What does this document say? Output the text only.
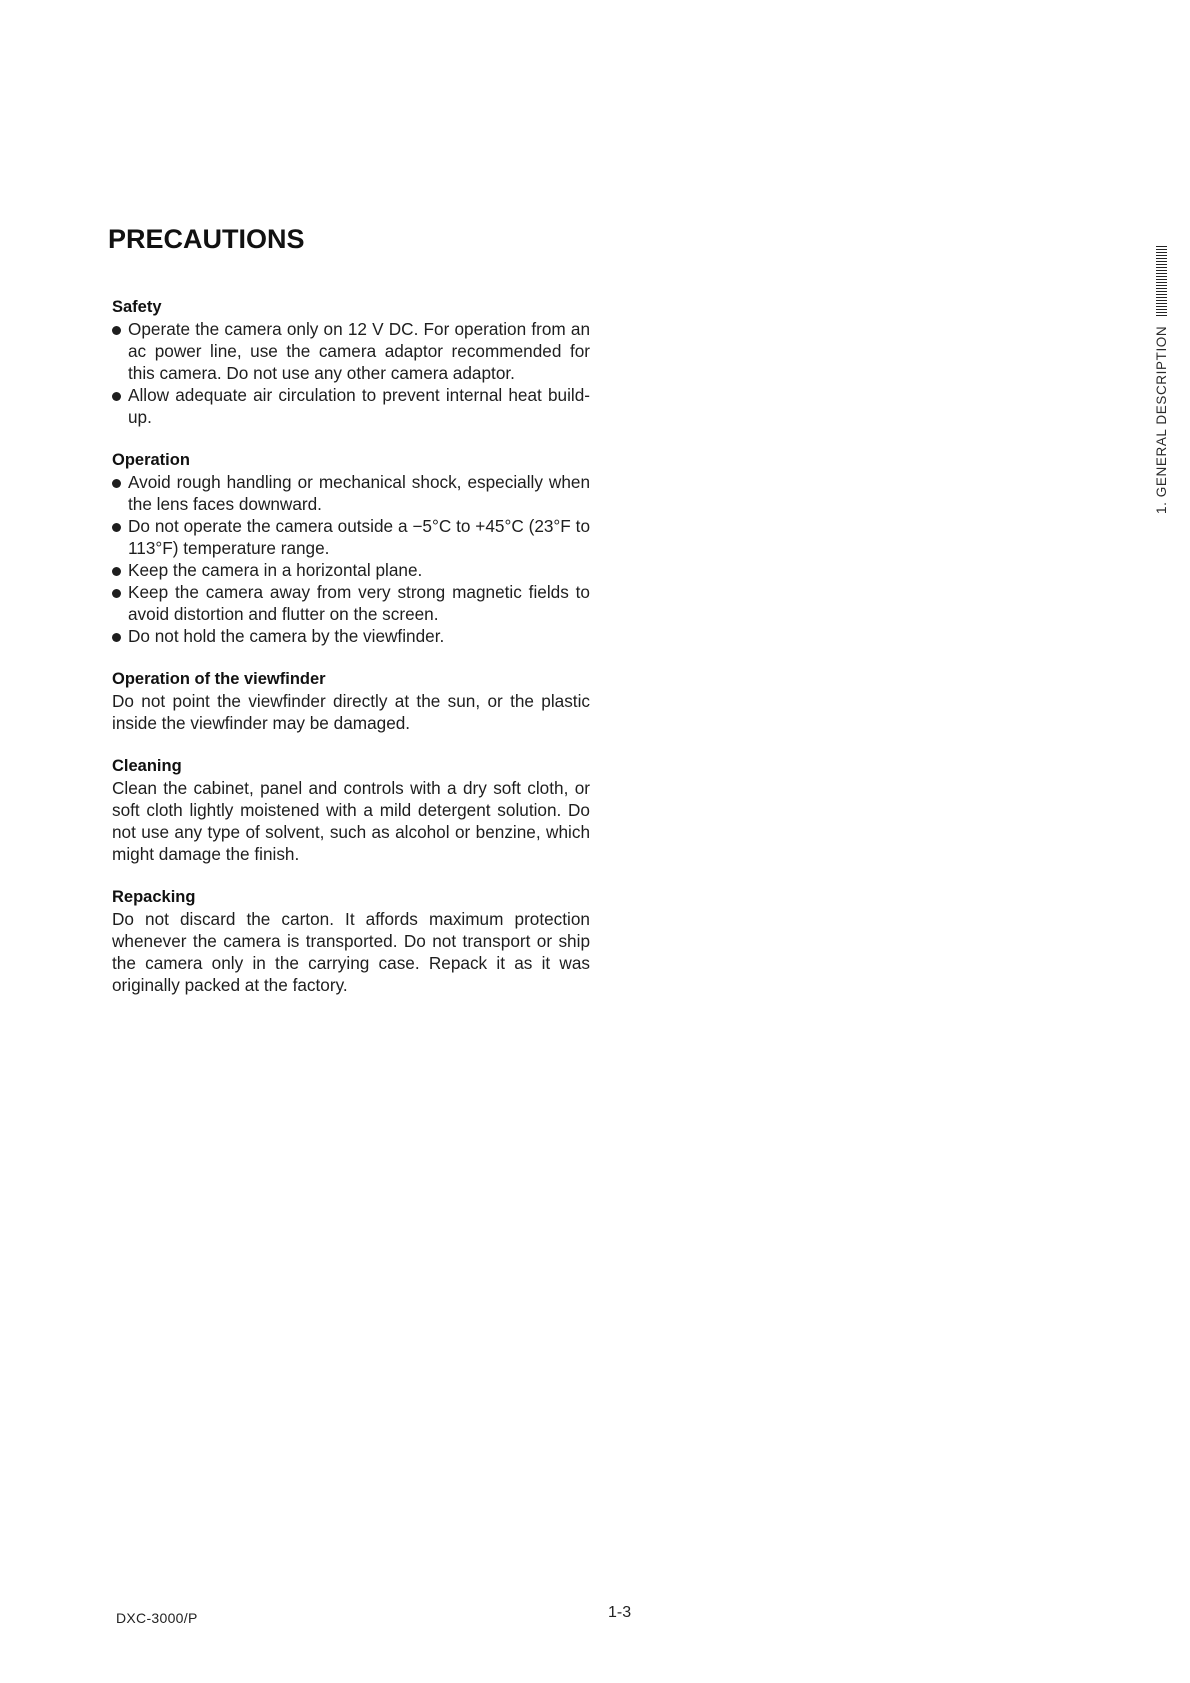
PRECAUTIONS
1. GENERAL DESCRIPTION
Safety
Operate the camera only on 12 V DC. For operation from an ac power line, use the camera adaptor recommended for this camera. Do not use any other camera adaptor.
Allow adequate air circulation to prevent internal heat build-up.
Operation
Avoid rough handling or mechanical shock, especially when the lens faces downward.
Do not operate the camera outside a −5°C to +45°C (23°F to 113°F) temperature range.
Keep the camera in a horizontal plane.
Keep the camera away from very strong magnetic fields to avoid distortion and flutter on the screen.
Do not hold the camera by the viewfinder.
Operation of the viewfinder
Do not point the viewfinder directly at the sun, or the plastic inside the viewfinder may be damaged.
Cleaning
Clean the cabinet, panel and controls with a dry soft cloth, or soft cloth lightly moistened with a mild detergent solution. Do not use any type of solvent, such as alcohol or benzine, which might damage the finish.
Repacking
Do not discard the carton. It affords maximum protection whenever the camera is transported. Do not transport or ship the camera only in the carrying case. Repack it as it was originally packed at the factory.
DXC-3000/P	1-3
